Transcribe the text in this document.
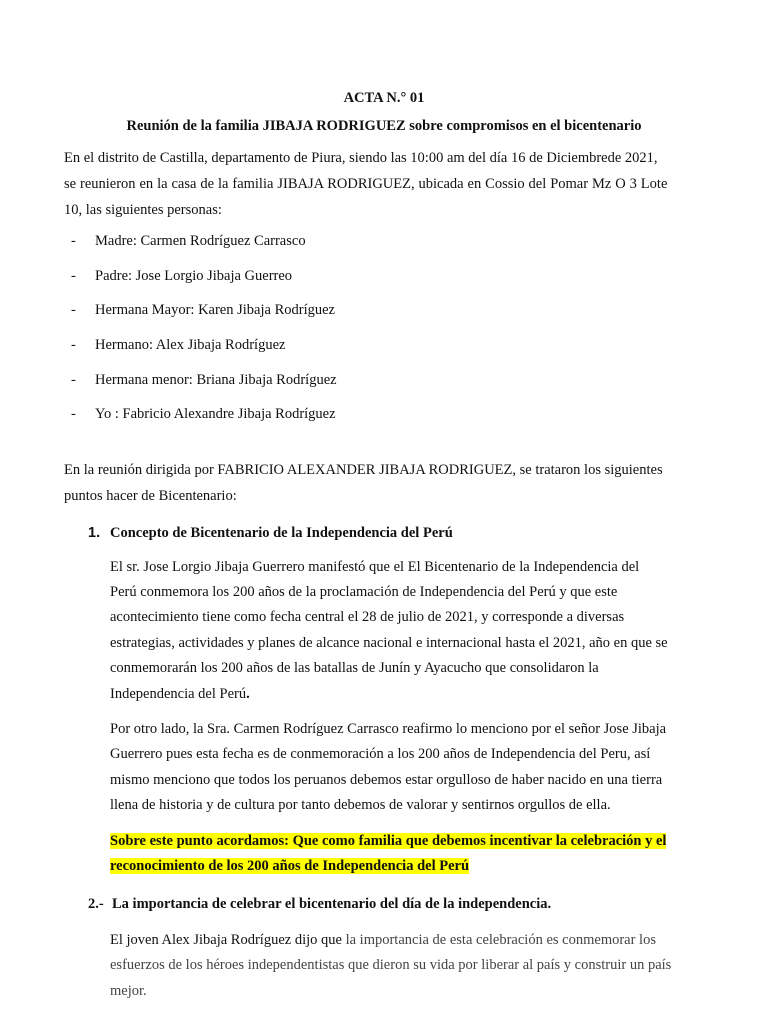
ACTA N.° 01
Reunión de la familia JIBAJA RODRIGUEZ sobre compromisos en el bicentenario
En el distrito de Castilla, departamento de Piura, siendo las 10:00 am del día 16 de Diciembrede 2021,
se reunieron en la casa de la familia JIBAJA RODRIGUEZ, ubicada en Cossio del Pomar Mz O 3 Lote
10, las siguientes personas:
- Madre: Carmen Rodríguez Carrasco
- Padre: Jose Lorgio Jibaja Guerreo
- Hermana Mayor: Karen Jibaja Rodríguez
- Hermano: Alex Jibaja Rodríguez
- Hermana menor: Briana Jibaja Rodríguez
- Yo : Fabricio Alexandre Jibaja Rodríguez
En la reunión dirigida por FABRICIO ALEXANDER JIBAJA RODRIGUEZ, se trataron los siguientes
puntos hacer de Bicentenario:
1. Concepto de Bicentenario de la Independencia del Perú
El sr. Jose Lorgio Jibaja Guerrero manifestó que el El Bicentenario de la Independencia del
Perú conmemora los 200 años de la proclamación de Independencia del Perú y que este
acontecimiento tiene como fecha central el 28 de julio de 2021, y corresponde a diversas
estrategias, actividades y planes de alcance nacional e internacional hasta el 2021, año en que se
conmemorarán los 200 años de las batallas de Junín y Ayacucho que consolidaron la
Independencia del Perú.
Por otro lado, la Sra. Carmen Rodríguez Carrasco reafirmo lo menciono por el señor Jose Jibaja
Guerrero pues esta fecha es de conmemoración a los 200 años de Independencia del Peru, así
mismo menciono que todos los peruanos debemos estar orgulloso de haber nacido en una tierra
llena de historia y de cultura por tanto debemos de valorar y sentirnos orgullos de ella.
Sobre este punto acordamos: Que como familia que debemos incentivar la celebración y el
reconocimiento de los 200 años de Independencia del Perú
2.- La importancia de celebrar el bicentenario del día de la independencia.
El joven Alex Jibaja Rodríguez dijo que la importancia de esta celebración es conmemorar los
esfuerzos de los héroes independentistas que dieron su vida por liberar al país y construir un país
mejor.
